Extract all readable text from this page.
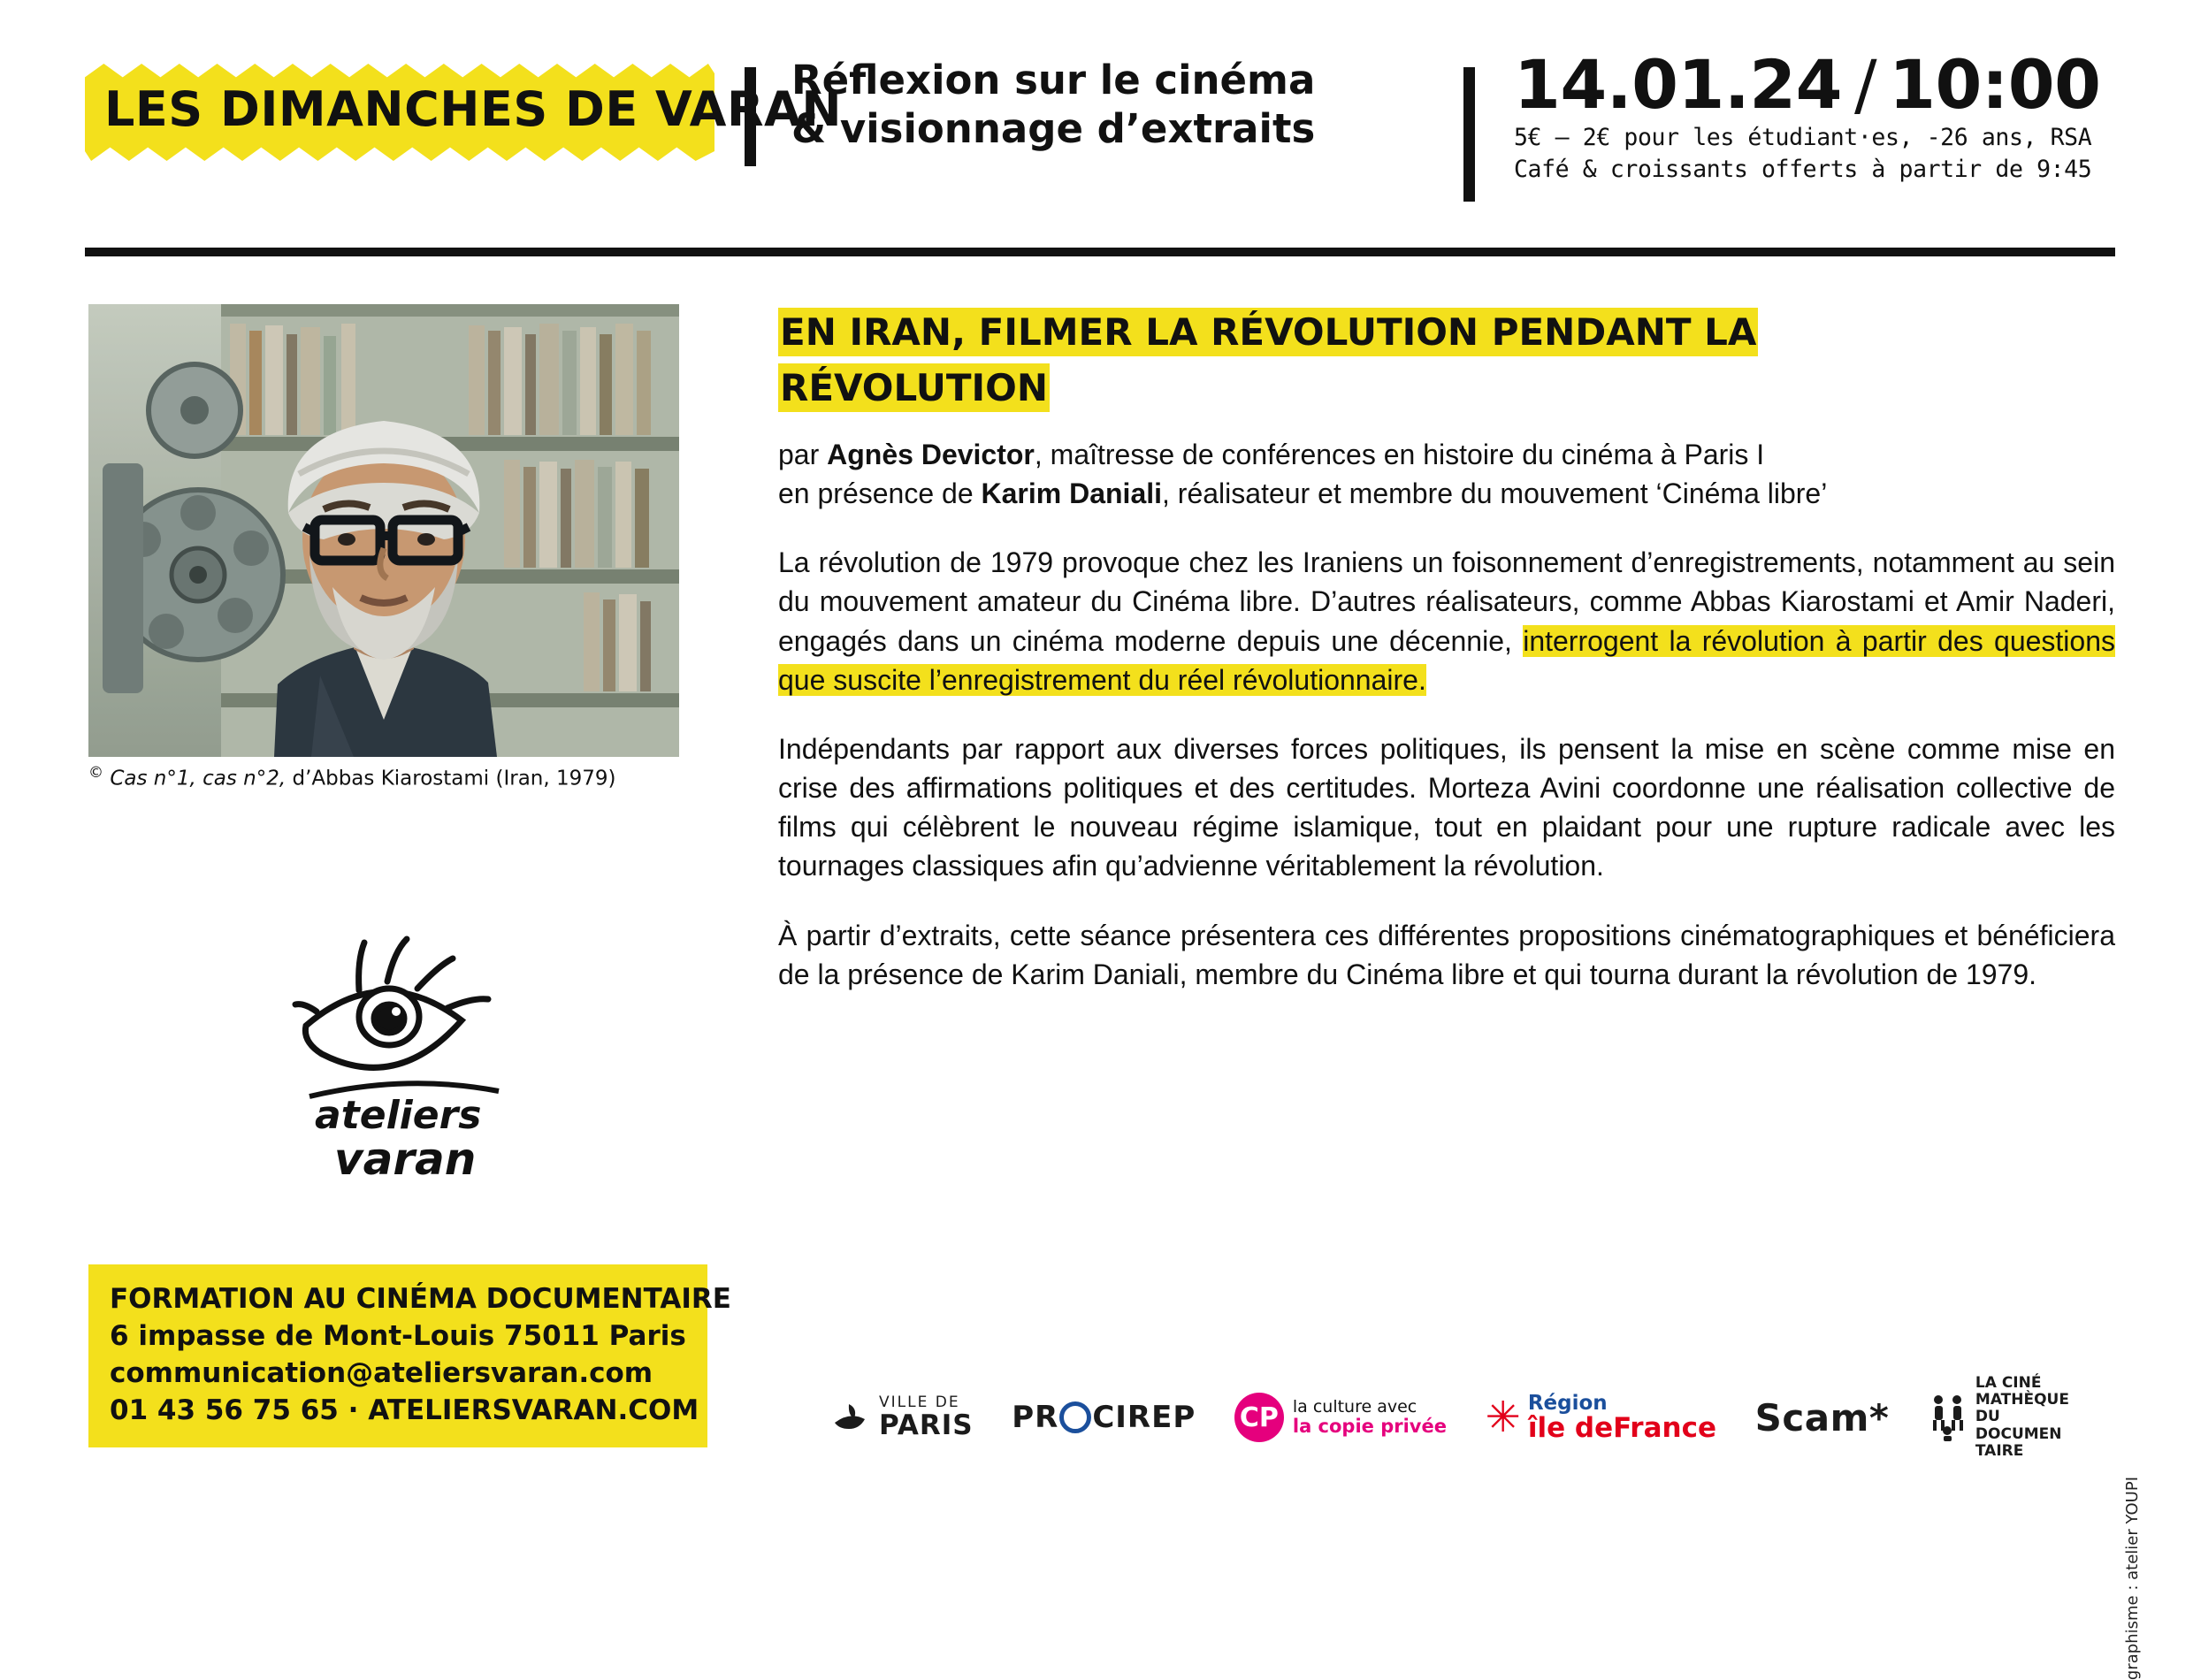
LES DIMANCHES DE VARAN
Réflexion sur le cinéma
& visionnage d’extraits
14.01.24 / 10:00
5€ — 2€ pour les étudiant·es, -26 ans, RSA
Café & croissants offerts à partir de 9:45
© Cas n°1, cas n°2, d’Abbas Kiarostami (Iran, 1979)
ateliers
varan
FORMATION AU CINÉMA DOCUMENTAIRE
6 impasse de Mont-Louis 75011 Paris
communication@ateliersvaran.com
01 43 56 75 65 · ATELIERSVARAN.COM
EN IRAN, FILMER LA RÉVOLUTION PENDANT LA
RÉVOLUTION
par Agnès Devictor, maîtresse de conférences en histoire du cinéma à Paris I
en présence de Karim Daniali, réalisateur et membre du mouvement ‘Cinéma libre’

La révolution de 1979 provoque chez les Iraniens un foisonnement d’enregistrements, notamment au sein du mouvement amateur du Cinéma libre. D’autres réalisateurs, comme Abbas Kiarostami et Amir Naderi, engagés dans un cinéma moderne depuis une décennie, interrogent la révolution à partir des questions que suscite l’enregistrement du réel révolutionnaire.

Indépendants par rapport aux diverses forces politiques, ils pensent la mise en scène comme mise en crise des affirmations politiques et des certitudes. Morteza Avini coordonne une réalisation collective de films qui célèbrent le nouveau régime islamique, tout en plaidant pour une rupture radicale avec les tournages classiques afin qu’advienne véritablement la révolution.

À partir d’extraits, cette séance présentera ces différentes propositions cinématographiques et bénéficiera de la présence de Karim Daniali, membre du Cinéma libre et qui tourna durant la révolution de 1979.

VILLE DE
PARIS PR CIREP CP la culture avec
la copie privée ✳ Région
île deFrance Scam*
LA CINÉ
MATHÈQUE
DU
DOCUMEN
TAIRE
graphisme : atelier YOUPI
